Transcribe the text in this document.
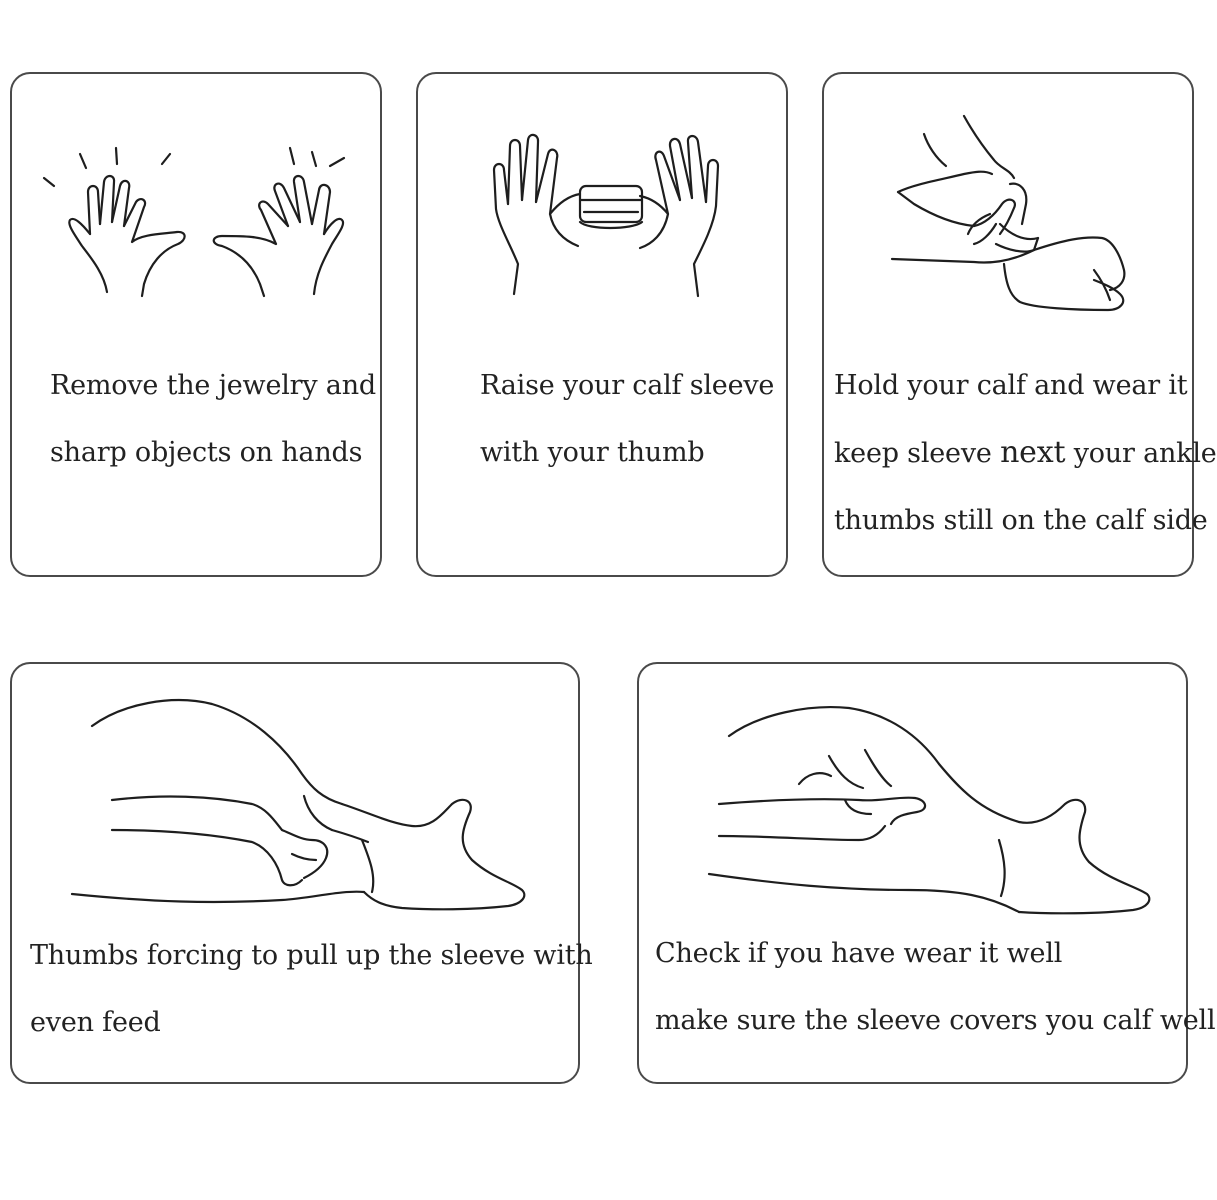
Remove the jewelry and
sharp objects on hands
Raise your calf sleeve
with your thumb
Hold your calf and wear it
keep sleeve next your ankle
thumbs still on the calf side
Thumbs forcing to pull up the sleeve with
even feed
Check if you have wear it well
make sure the sleeve covers you calf well
